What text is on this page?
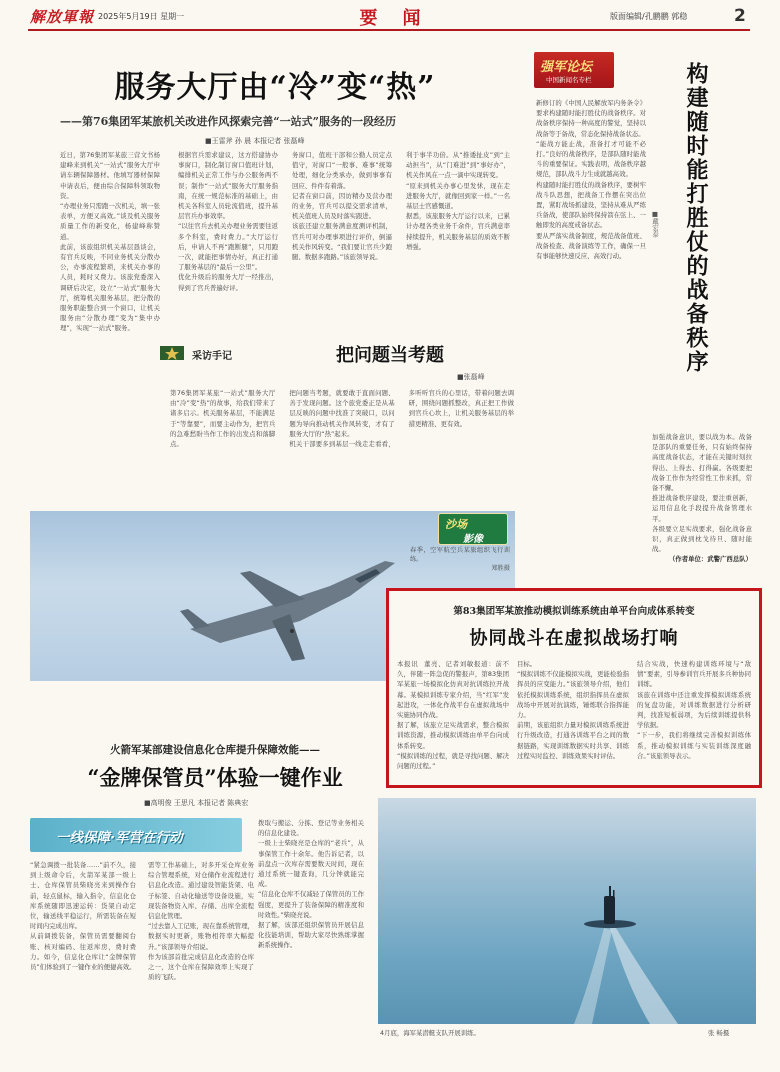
解放軍報 2025年5月19日 星期一	要    闻	版面编辑/孔鹏鹏 郭稳	2
服务大厅由“冷”变“热”
——第76集团军某旅机关改进作风探索完善“一站式”服务的一段经历
■王雷斧 孙 晨 本报记者 张磊峰
近日，第76集团军某旅三营文书杨建峰来到机关“一站式”服务大厅申请车辆保障器材。他填写器材保障申请表后，便由综合保障科领取物资。
“办理业务只需跑一次机关，填一张表单，方便又高效。”谈及机关服务质量工作的新变化，杨建峰称赞道。
此前，该旅组织机关基层恳谈会，有官兵反映，不同业务机关分散办公，办事流程繁琐，来机关办事的人员，耗时又费力。该旅党委深入调研后决定，设立“一站式”服务大厅，统筹机关服务基层，把分散的服务职能整合到一个窗口，让机关服务由“分散办理”变为“集中办理”，实现“一站式”服务。
根据官兵需求建议，这方搭建协办事窗口，制化制订窗口值班计划，编排机关正常工作与办公服务两不误；制作“一站式”服务大厅服务指南，在统一规范标准的基础上，由机关各科室人员轮流值班，提升基层官兵办事效率。
“以往官兵去机关办理业务需要往返多个科室，费时费力。”大厅运行后，申请人不再“跑断腿”，只用跑一次，就能把事情办好，真正打通了服务基层的“最后一公里”。
优化升级后的服务大厅一经推出，得到了官兵普遍好评。
务窗口，值班干部和公勤人员定点值守，对窗口“一般事、难事”统筹处理，细化分类承办，做到事事有回应、件件有着落。
记者在窗口前，因访精办及营办理的业务，官兵可以提交需求清单，机关值班人员及时落实跟进。
该旅还建立服务满意度测评机制，官兵可对办理事项进行评价，倒逼机关作风转变。“我们要让官兵少跑腿、数据多跑路。”该旅领导说。
利于事半功倍。从“推诿扯皮”到“主动担当”，从“门难进”到“事好办”，机关作风在一点一滴中实现转变。
“原来到机关办事心里发怵，现在走进服务大厅，就像回到家一样。”一名基层士官感慨道。
据悉，该旅服务大厅运行以来，已累计办理各类业务千余件，官兵满意率持续提升，机关服务基层的质效不断增强。
采访手记	把问题当考题
■张磊峰
第76集团军某旅“一站式”服务大厅由“冷”变“热”的故事，给我们带来了诸多启示。机关服务基层，不能满足于“等靠要”，而要主动作为，把官兵的急难愁盼当作工作的出发点和落脚点。
把问题当考题，就要敢于直面问题、善于发现问题。这个旅党委正是从基层反映的问题中找准了突破口，以问题为导向推动机关作风转变，才有了服务大厅的“热”起来。
机关干部要多到基层一线走走看看，多听听官兵的心里话，带着问题去调研，围绕问题抓整改，真正把工作做到官兵心坎上，让机关服务基层的举措更精准、更有效。
沙场
影像
春季，空军航空兵某旅组织飞行训练。
郑胜摄
火箭军某部建设信息化仓库提升保障效能——
“金牌保管员”体验一键作业
■高明俊 王思凡 本报记者 陈典宏
一线保障·军营在行动
“紧急调拨一批装备……”前不久，接到上级命令后，火箭军某部一级上士、仓库保管员柴晓亮来到操作台前，轻点鼠标，输入指令，信息化仓库系统随即迅速运转：货架自动定位，输送线平稳运行，所需装备在短时间内完成出库。
从前调拨装备，保管员需要翻阅台账、核对编码、往返库房，费时费力。如今，信息化仓库让“金牌保管员”们体验到了一键作业的便捷高效。
需等工作基础上，对多开采仓库业务综合管理系统，对仓储作业流程进行信息化改造。通过建设智能货架、电子标签、自动化输送等设备设施，实现装备物资入库、存储、出库全流程信息化管理。
“过去靠人工记账，现在靠系统管理，数据实时更新，账物相符率大幅提升。”该部领导介绍说。
作为该部首批完成信息化改造的仓库之一，这个仓库在保障效率上实现了质的飞跃。
拨取与搬运、分拣、登记等业务相关的信息化建设。
一级上士柴晓亮是仓库的“老兵”，从事保管工作十余年。他告诉记者，以前盘点一次库存需要数天时间，现在通过系统一键查询，几分钟就能完成。
“信息化仓库不仅减轻了保管员的工作强度，更提升了装备保障的精准度和时效性。”柴晓亮说。
据了解，该部还组织保管员开展信息化技能培训，帮助大家尽快熟练掌握新系统操作。
4月底，海军某潜艇支队开展训练。	张 畅摄
强军论坛
中国新闻名专栏
新修订的《中国人民解放军内务条令》要求构建随时能打胜仗的战备秩序。对战备秩序保持一种高度的警觉，坚持以战备等于备战，常态化保持战备状态。
“能战方能止战，准备打才可能不必打。”良好的战备秩序，是部队随时能战斗的重要保证。实践表明，战备秩序越规范，部队战斗力生成就越高效。
构建随时能打胜仗的战备秩序，要树牢战斗队思想，把战备工作摆在突出位置，紧盯战场抓建设，坚持从难从严练兵备战，使部队始终保持箭在弦上、一触即发的高度戒备状态。
要从严落实战备制度，规范战备值班、战备检查、战备演练等工作，确保一旦有事能够快速反应、高效行动。	构建随时能打胜仗的战备秩序
■戴宏泰
加强战备意识，要以战为本。战备是部队的重要任务，只有始终保持高度战备状态，才能在关键时刻拉得出、上得去、打得赢。各级要把战备工作作为经常性工作来抓，常备不懈。
推进战备秩序建设，要注重创新，运用信息化手段提升战备管理水平。
各级要立足实战要求，强化战备意识，真正做到枕戈待旦、随时能战。
（作者单位：武警广西总队）
第83集团军某旅推动模拟训练系统由单平台向成体系转变
协同战斗在虚拟战场打响
本报讯  董亮、记者刘敏报道：前不久，伴随一阵急促的警报声，第83集团军某旅一场模拟化仿真对抗训练拉开战幕。某模拟训练专家介绍，当“红军”发起进攻，一体化作战平台在虚拟战场中实施协同作战。
据了解，该旅立足实战需求，整合模拟训练资源，推动模拟训练由单平台向成体系转变。
“模拟训练的过程，就是寻找问题、解决问题的过程。”
目标。
“模拟训练不仅能模拟实战，更能检验指挥员的应变能力。”该旅领导介绍，他们依托模拟训练系统，组织指挥员在虚拟战场中开展对抗演练，锤炼联合指挥能力。
前期，该旅组织力量对模拟训练系统进行升级改造，打通各训练平台之间的数据链路，实现训练数据实时共享、训练过程实时监控、训练效果实时评估。
结合实战，快速构建训练环境与“敌情”要素，引导参训官兵开展多兵种协同训练。
该旅在训练中还注重发挥模拟训练系统的复盘功能，对训练数据进行分析研判，找准短板弱项，为后续训练提供科学依据。
“下一步，我们将继续完善模拟训练体系，推动模拟训练与实装训练深度融合。”该旅领导表示。
